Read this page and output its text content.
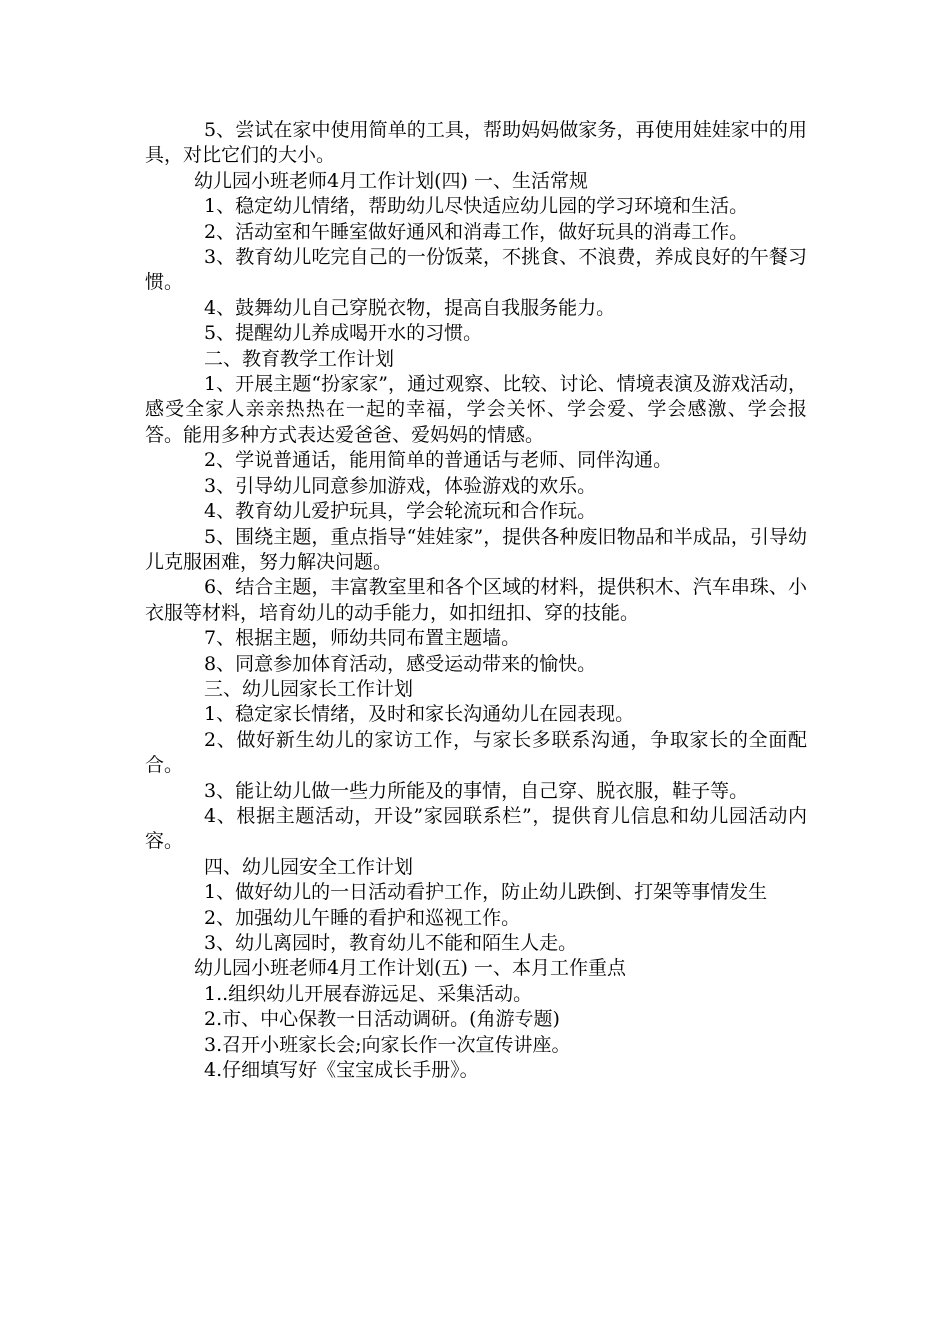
5、尝试在家中使用简单的工具，帮助妈妈做家务，再使用娃娃家中的用具，对比它们的大小。

幼儿园小班老师4月工作计划(四) 一、生活常规

1、稳定幼儿情绪，帮助幼儿尽快适应幼儿园的学习环境和生活。

2、活动室和午睡室做好通风和消毒工作，做好玩具的消毒工作。

3、教育幼儿吃完自己的一份饭菜，不挑食、不浪费，养成良好的午餐习惯。

4、鼓舞幼儿自己穿脱衣物，提高自我服务能力。

5、提醒幼儿养成喝开水的习惯。

二、教育教学工作计划

1、开展主题“扮家家”，通过观察、比较、讨论、情境表演及游戏活动，感受全家人亲亲热热在一起的幸福，学会关怀、学会爱、学会感激、学会报答。能用多种方式表达爱爸爸、爱妈妈的情感。

2、学说普通话，能用简单的普通话与老师、同伴沟通。

3、引导幼儿同意参加游戏，体验游戏的欢乐。

4、教育幼儿爱护玩具，学会轮流玩和合作玩。

5、围绕主题，重点指导“娃娃家”，提供各种废旧物品和半成品，引导幼儿克服困难，努力解决问题。

6、结合主题，丰富教室里和各个区域的材料，提供积木、汽车串珠、小衣服等材料，培育幼儿的动手能力，如扣纽扣、穿的技能。

7、根据主题，师幼共同布置主题墙。

8、同意参加体育活动，感受运动带来的愉快。

三、幼儿园家长工作计划

1、稳定家长情绪，及时和家长沟通幼儿在园表现。

2、做好新生幼儿的家访工作，与家长多联系沟通，争取家长的全面配合。

3、能让幼儿做一些力所能及的事情，自己穿、脱衣服，鞋子等。

4、根据主题活动，开设”家园联系栏”，提供育儿信息和幼儿园活动内容。

四、幼儿园安全工作计划

1、做好幼儿的一日活动看护工作，防止幼儿跌倒、打架等事情发生

2、加强幼儿午睡的看护和巡视工作。

3、幼儿离园时，教育幼儿不能和陌生人走。

幼儿园小班老师4月工作计划(五) 一、本月工作重点

1..组织幼儿开展春游远足、采集活动。

2.市、中心保教一日活动调研。(角游专题)

3.召开小班家长会;向家长作一次宣传讲座。

4.仔细填写好《宝宝成长手册》。
